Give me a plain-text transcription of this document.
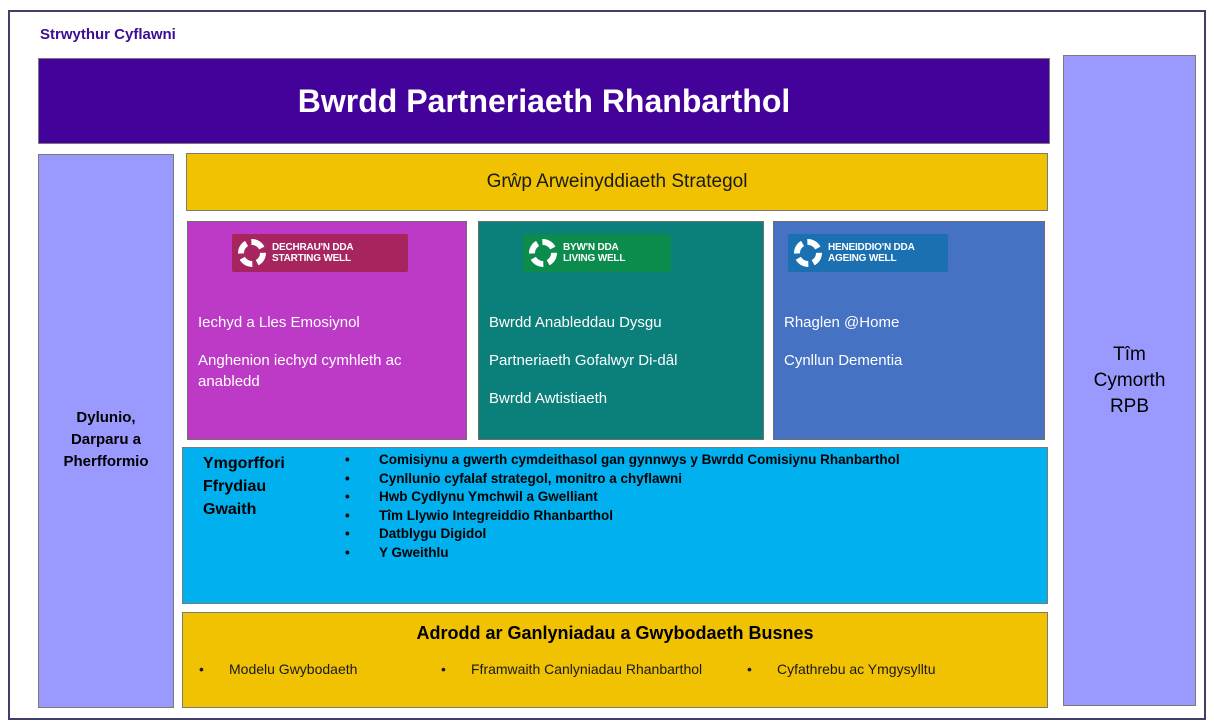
Strwythur Cyflawni
Bwrdd Partneriaeth Rhanbarthol
Dylunio,
Darparu a
Pherfformio
Tîm
Cymorth
RPB
Grŵp Arweinyddiaeth Strategol
DECHRAU'N DDA
STARTING WELL
Iechyd a Lles Emosiynol
Anghenion iechyd cymhleth ac anabledd
BYW'N DDA
LIVING WELL
Bwrdd Anableddau Dysgu
Partneriaeth Gofalwyr Di-dâl
Bwrdd Awtistiaeth
HENEIDDIO'N DDA
AGEING WELL
Rhaglen @Home
Cynllun Dementia
Ymgorffori
Ffrydiau
Gwaith
• Comisiynu a gwerth cymdeithasol gan gynnwys y Bwrdd Comisiynu Rhanbarthol
• Cynllunio cyfalaf strategol, monitro a chyflawni
• Hwb Cydlynu Ymchwil a Gwelliant
• Tîm Llywio Integreiddio Rhanbarthol
• Datblygu Digidol
• Y Gweithlu
Adrodd ar Ganlyniadau a Gwybodaeth Busnes
• Modelu Gwybodaeth	• Fframwaith Canlyniadau Rhanbarthol	• Cyfathrebu ac Ymgysylltu
